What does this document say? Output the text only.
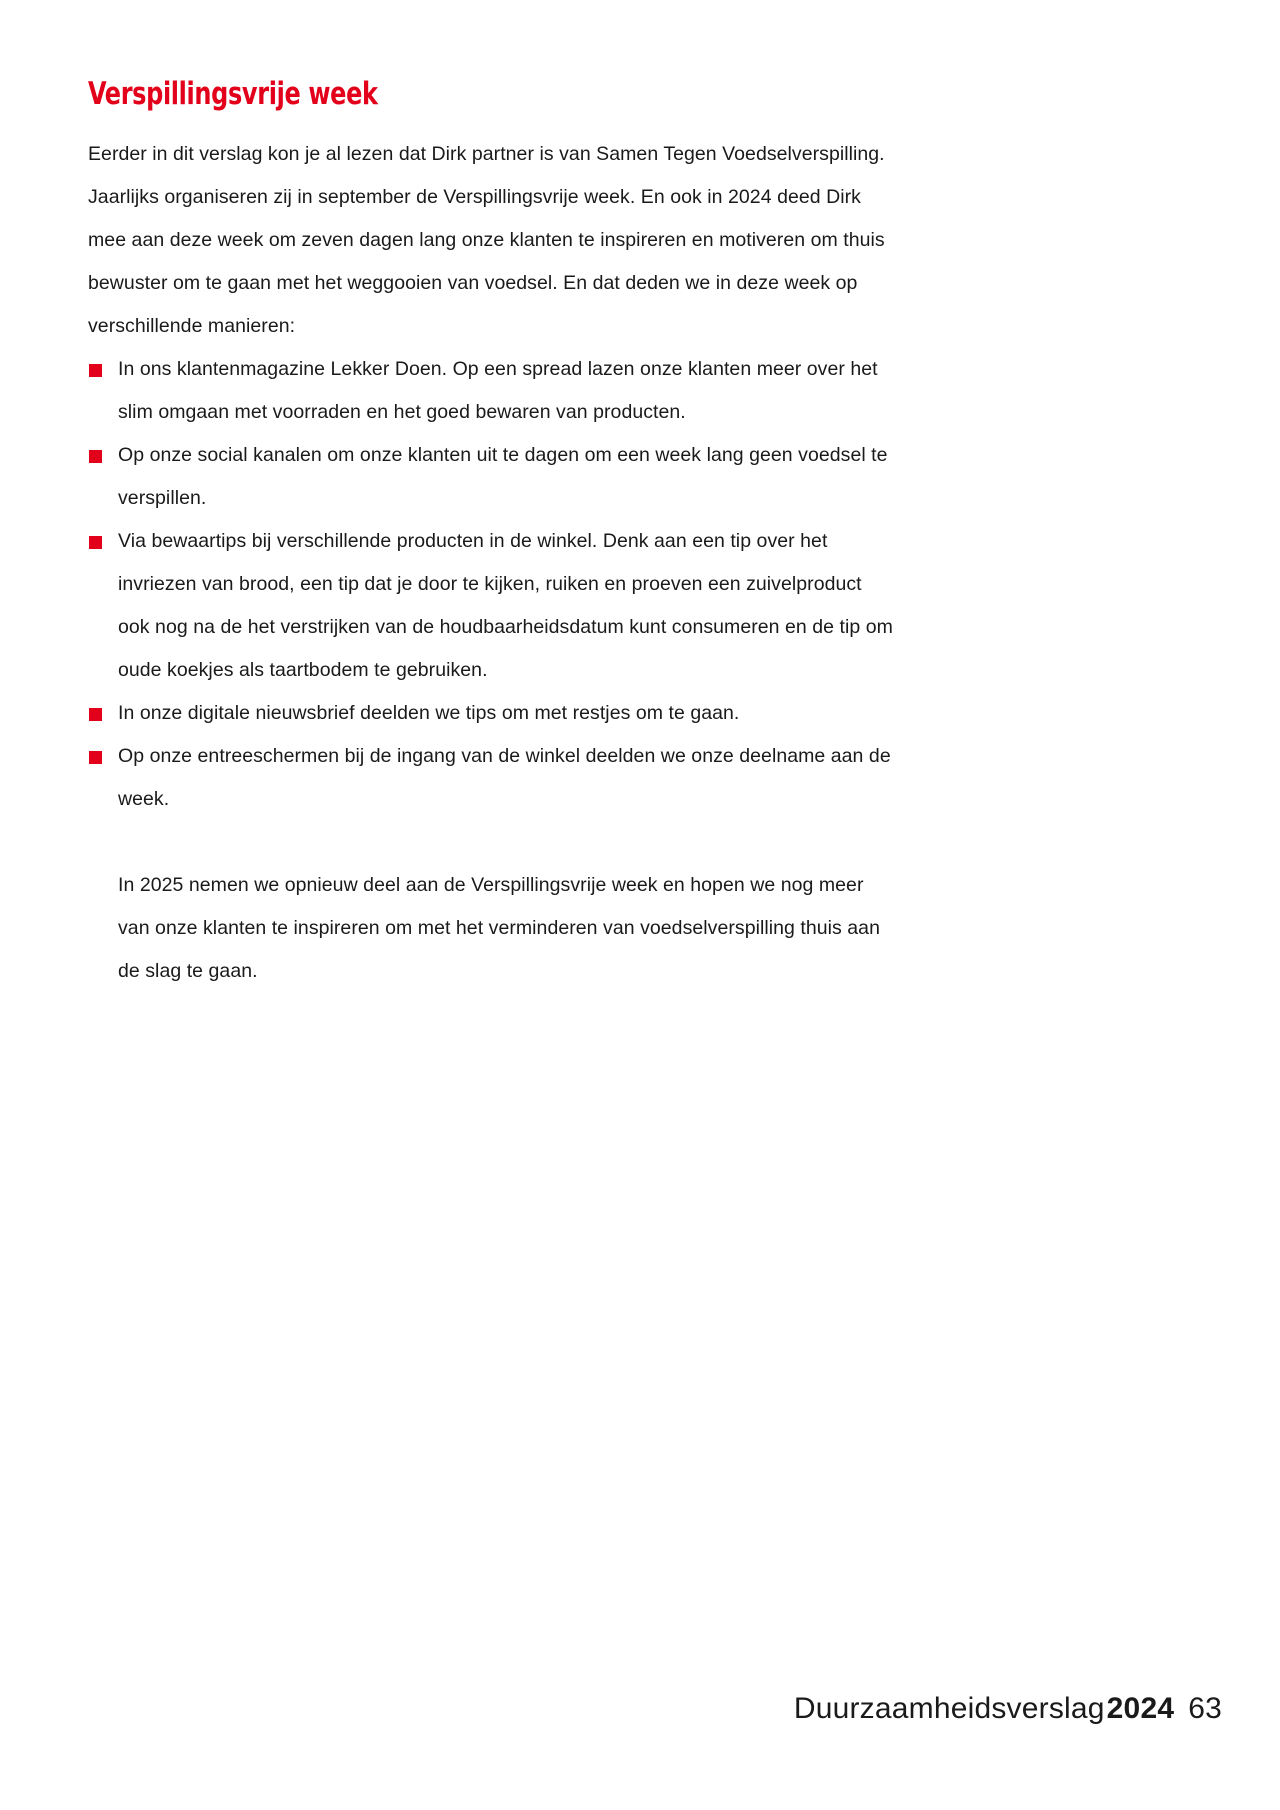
Verspillingsvrije week

Eerder in dit verslag kon je al lezen dat Dirk partner is van Samen Tegen Voedselverspilling. Jaarlijks organiseren zij in september de Verspillingsvrije week. En ook in 2024 deed Dirk mee aan deze week om zeven dagen lang onze klanten te inspireren en motiveren om thuis bewuster om te gaan met het weggooien van voedsel. En dat deden we in deze week op verschillende manieren:

In ons klantenmagazine Lekker Doen. Op een spread lazen onze klanten meer over het slim omgaan met voorraden en het goed bewaren van producten.
Op onze social kanalen om onze klanten uit te dagen om een week lang geen voedsel te verspillen.
Via bewaartips bij verschillende producten in de winkel. Denk aan een tip over het invriezen van brood, een tip dat je door te kijken, ruiken en proeven een zuivelproduct ook nog na de het verstrijken van de houdbaarheidsdatum kunt consumeren en de tip om oude koekjes als taartbodem te gebruiken.
In onze digitale nieuwsbrief deelden we tips om met restjes om te gaan.
Op onze entreeschermen bij de ingang van de winkel deelden we onze deelname aan de week.

In 2025 nemen we opnieuw deel aan de Verspillingsvrije week en hopen we nog meer van onze klanten te inspireren om met het verminderen van voedselverspilling thuis aan de slag te gaan.

Duurzaamheidsverslag2024 63
